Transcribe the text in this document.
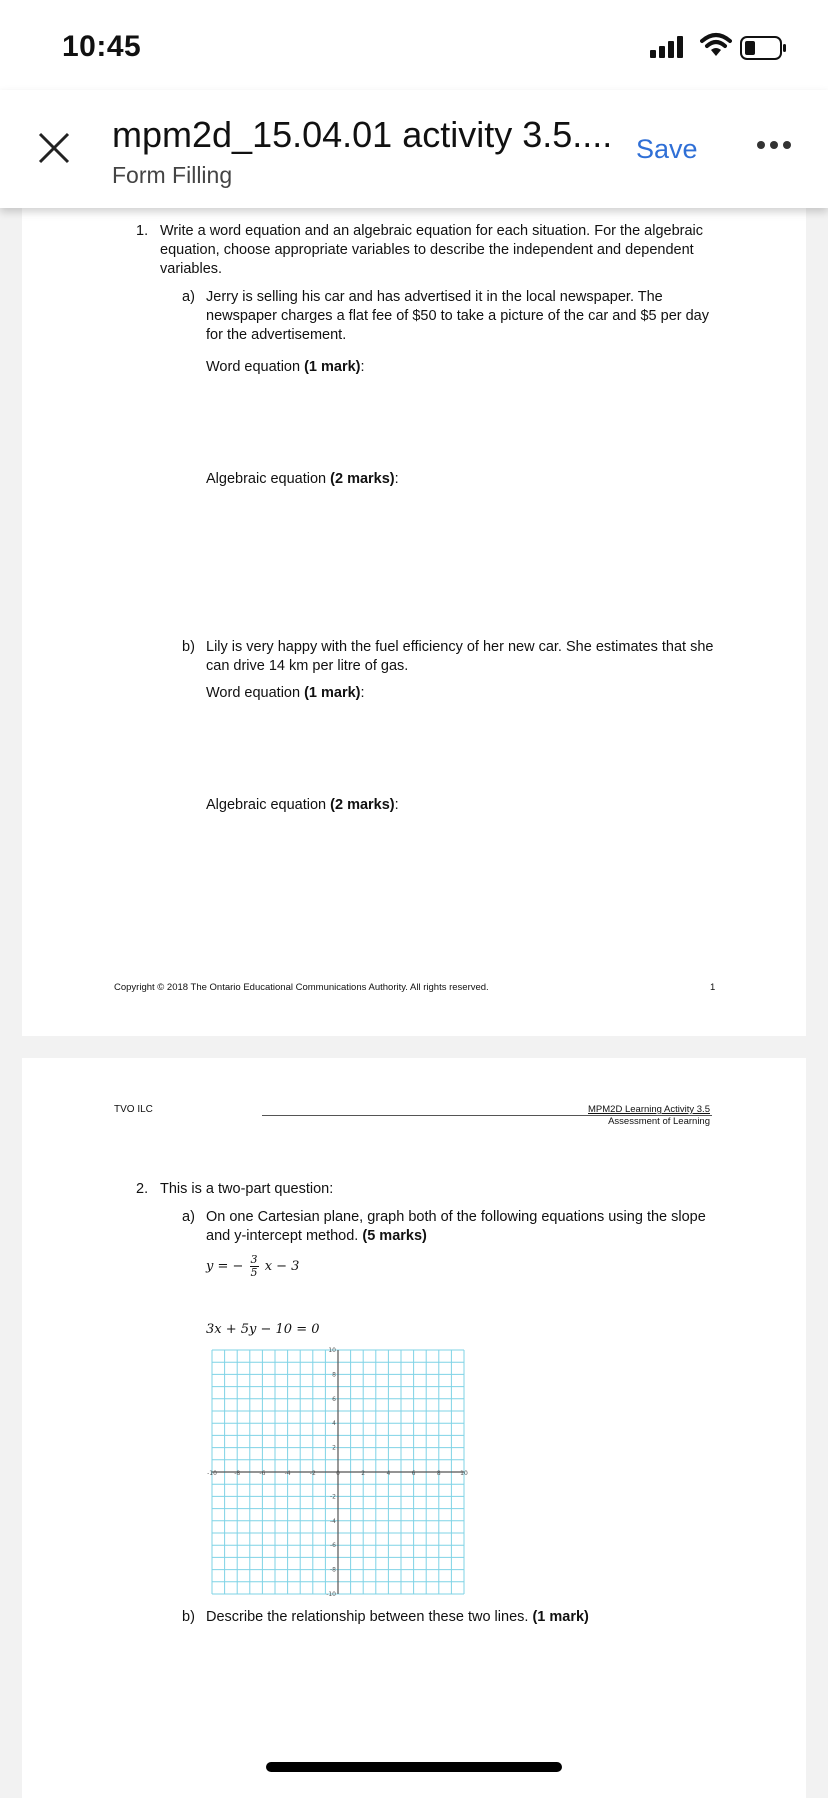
10:45
mpm2d_15.04.01 activity 3.5....
Form Filling
Save
1. Write a word equation and an algebraic equation for each situation. For the algebraic equation, choose appropriate variables to describe the independent and dependent variables.
a) Jerry is selling his car and has advertised it in the local newspaper. The newspaper charges a flat fee of $50 to take a picture of the car and $5 per day for the advertisement.
Word equation (1 mark):
Algebraic equation (2 marks):
b) Lily is very happy with the fuel efficiency of her new car. She estimates that she can drive 14 km per litre of gas.
Word equation (1 mark):
Algebraic equation (2 marks):
Copyright © 2018 The Ontario Educational Communications Authority. All rights reserved.	1
TVO ILC	MPM2D Learning Activity 3.5
Assessment of Learning
2. This is a two-part question:
a) On one Cartesian plane, graph both of the following equations using the slope and y-intercept method. (5 marks)
y = − $\frac{3}{5}$ x − 3
3x + 5y − 10 = 0
-10	-8	-6	-4	-2	0	2	4	6	8	10
10
8
6
4
2
-2
-4
-6
-8
-10
b) Describe the relationship between these two lines. (1 mark)
